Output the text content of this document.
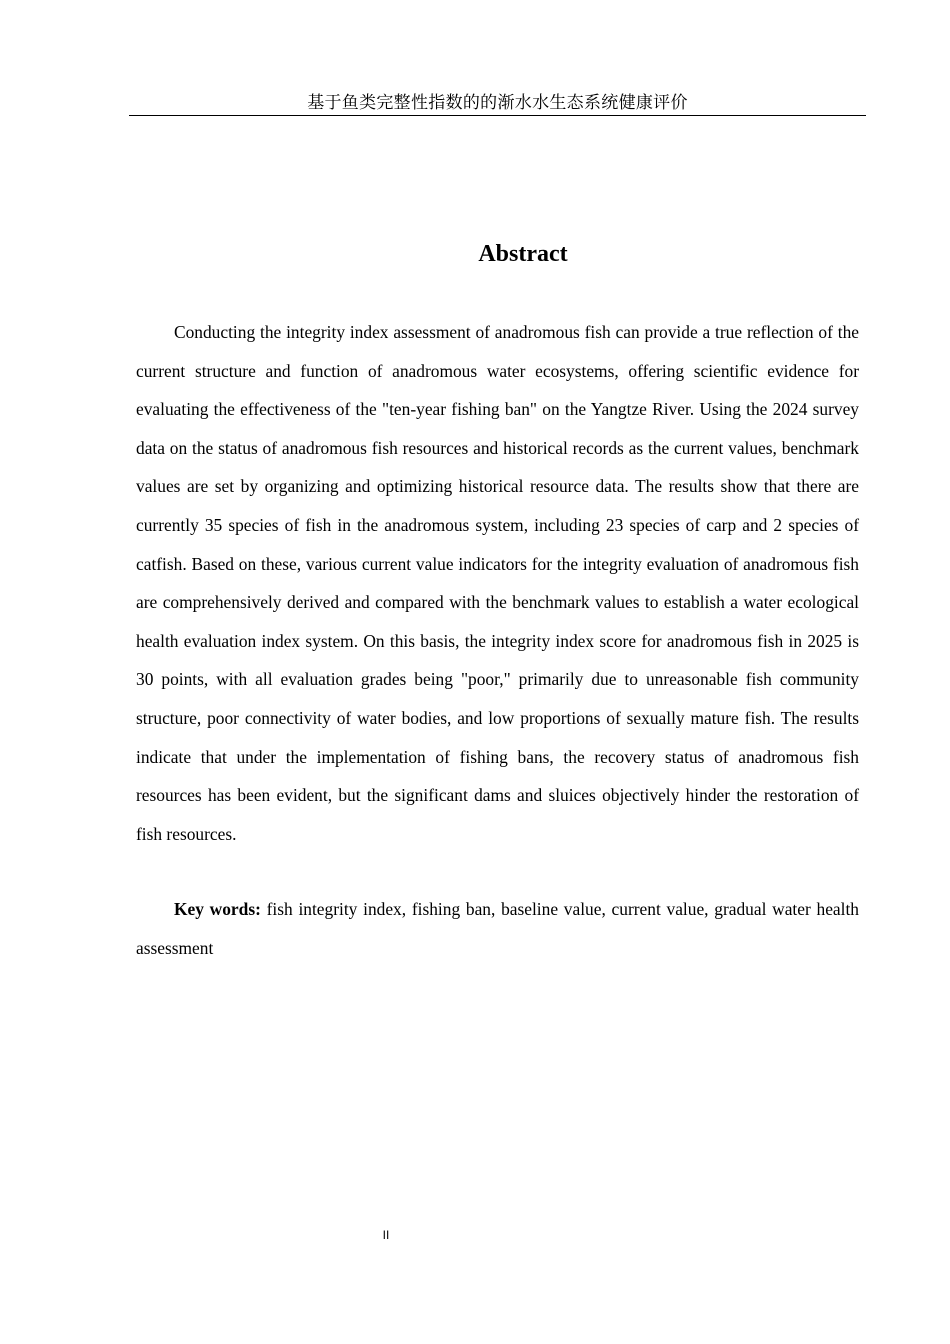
基于鱼类完整性指数的的渐水水生态系统健康评价
Abstract

Conducting the integrity index assessment of anadromous fish can provide a true reflection of the current structure and function of anadromous water ecosystems, offering scientific evidence for evaluating the effectiveness of the "ten-year fishing ban" on the Yangtze River. Using the 2024 survey data on the status of anadromous fish resources and historical records as the current values, benchmark values are set by organizing and optimizing historical resource data. The results show that there are currently 35 species of fish in the anadromous system, including 23 species of carp and 2 species of catfish. Based on these, various current value indicators for the integrity evaluation of anadromous fish are comprehensively derived and compared with the benchmark values to establish a water ecological health evaluation index system. On this basis, the integrity index score for anadromous fish in 2025 is 30 points, with all evaluation grades being "poor," primarily due to unreasonable fish community structure, poor connectivity of water bodies, and low proportions of sexually mature fish. The results indicate that under the implementation of fishing bans, the recovery status of anadromous fish resources has been evident, but the significant dams and sluices objectively hinder the restoration of fish resources.

Key words: fish integrity index, fishing ban, baseline value, current value, gradual water health assessment

II
